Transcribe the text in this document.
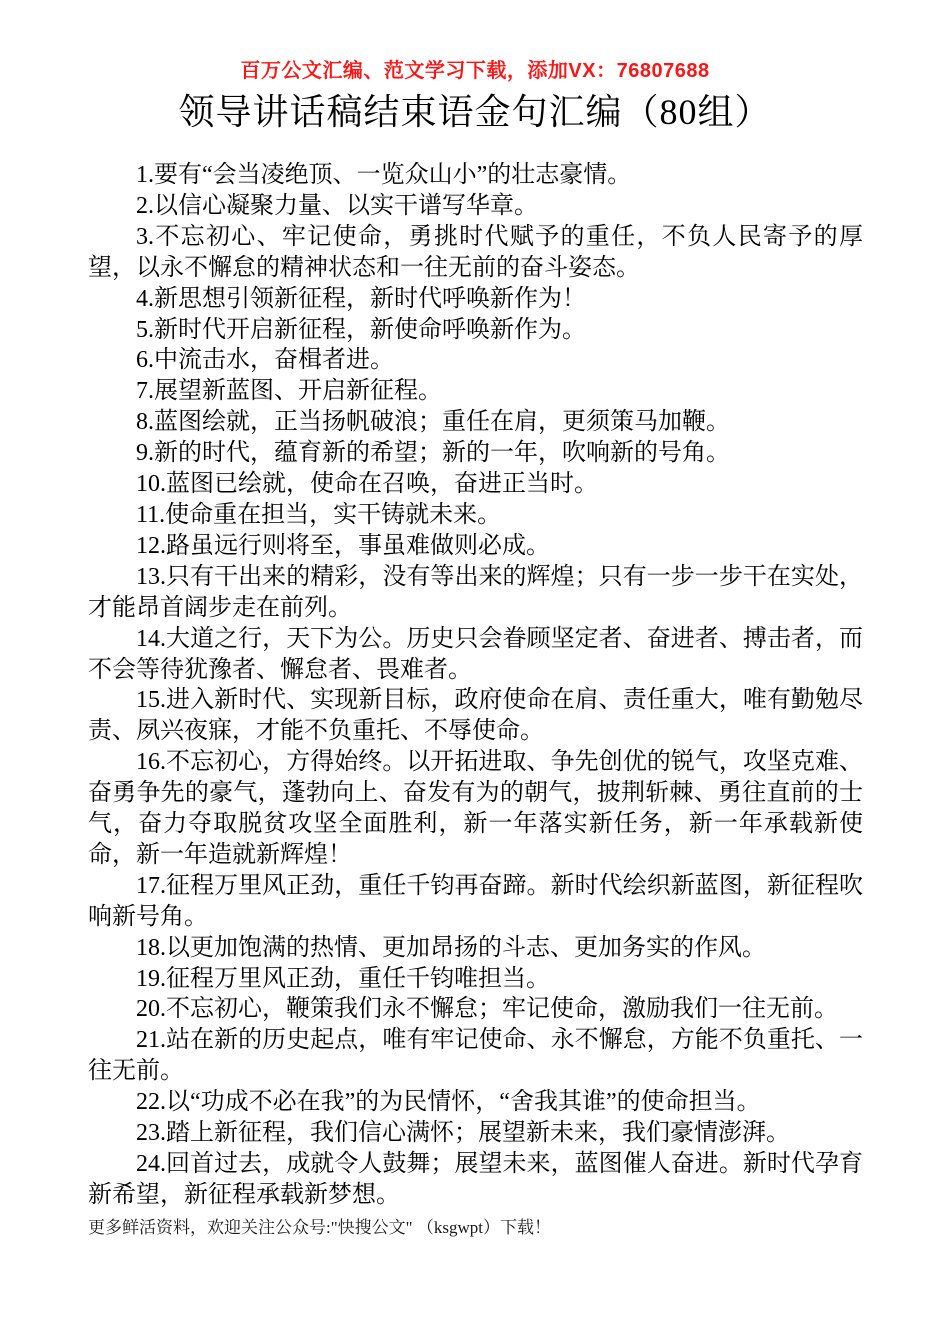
百万公文汇编、范文学习下载，添加VX：76807688
领导讲话稿结束语金句汇编（80组）

1.要有“会当凌绝顶、一览众山小”的壮志豪情。

2.以信心凝聚力量、以实干谱写华章。

3.不忘初心、牢记使命，勇挑时代赋予的重任，不负人民寄予的厚望，以永不懈怠的精神状态和一往无前的奋斗姿态。

4.新思想引领新征程，新时代呼唤新作为！

5.新时代开启新征程，新使命呼唤新作为。

6.中流击水，奋楫者进。

7.展望新蓝图、开启新征程。

8.蓝图绘就，正当扬帆破浪；重任在肩，更须策马加鞭。

9.新的时代，蕴育新的希望；新的一年，吹响新的号角。

10.蓝图已绘就，使命在召唤，奋进正当时。

11.使命重在担当，实干铸就未来。

12.路虽远行则将至，事虽难做则必成。

13.只有干出来的精彩，没有等出来的辉煌；只有一步一步干在实处，才能昂首阔步走在前列。

14.大道之行，天下为公。历史只会眷顾坚定者、奋进者、搏击者，而不会等待犹豫者、懈怠者、畏难者。

15.进入新时代、实现新目标，政府使命在肩、责任重大，唯有勤勉尽责、夙兴夜寐，才能不负重托、不辱使命。

16.不忘初心，方得始终。以开拓进取、争先创优的锐气，攻坚克难、奋勇争先的豪气，蓬勃向上、奋发有为的朝气，披荆斩棘、勇往直前的士气，奋力夺取脱贫攻坚全面胜利，新一年落实新任务，新一年承载新使命，新一年造就新辉煌！

17.征程万里风正劲，重任千钧再奋蹄。新时代绘织新蓝图，新征程吹响新号角。

18.以更加饱满的热情、更加昂扬的斗志、更加务实的作风。

19.征程万里风正劲，重任千钧唯担当。

20.不忘初心，鞭策我们永不懈怠；牢记使命，激励我们一往无前。

21.站在新的历史起点，唯有牢记使命、永不懈怠，方能不负重托、一往无前。

22.以“功成不必在我”的为民情怀，“舍我其谁”的使命担当。

23.踏上新征程，我们信心满怀；展望新未来，我们豪情澎湃。

24.回首过去，成就令人鼓舞；展望未来，蓝图催人奋进。新时代孕育新希望，新征程承载新梦想。

更多鲜活资料，欢迎关注公众号:"快搜公文" （ksgwpt）下载！
